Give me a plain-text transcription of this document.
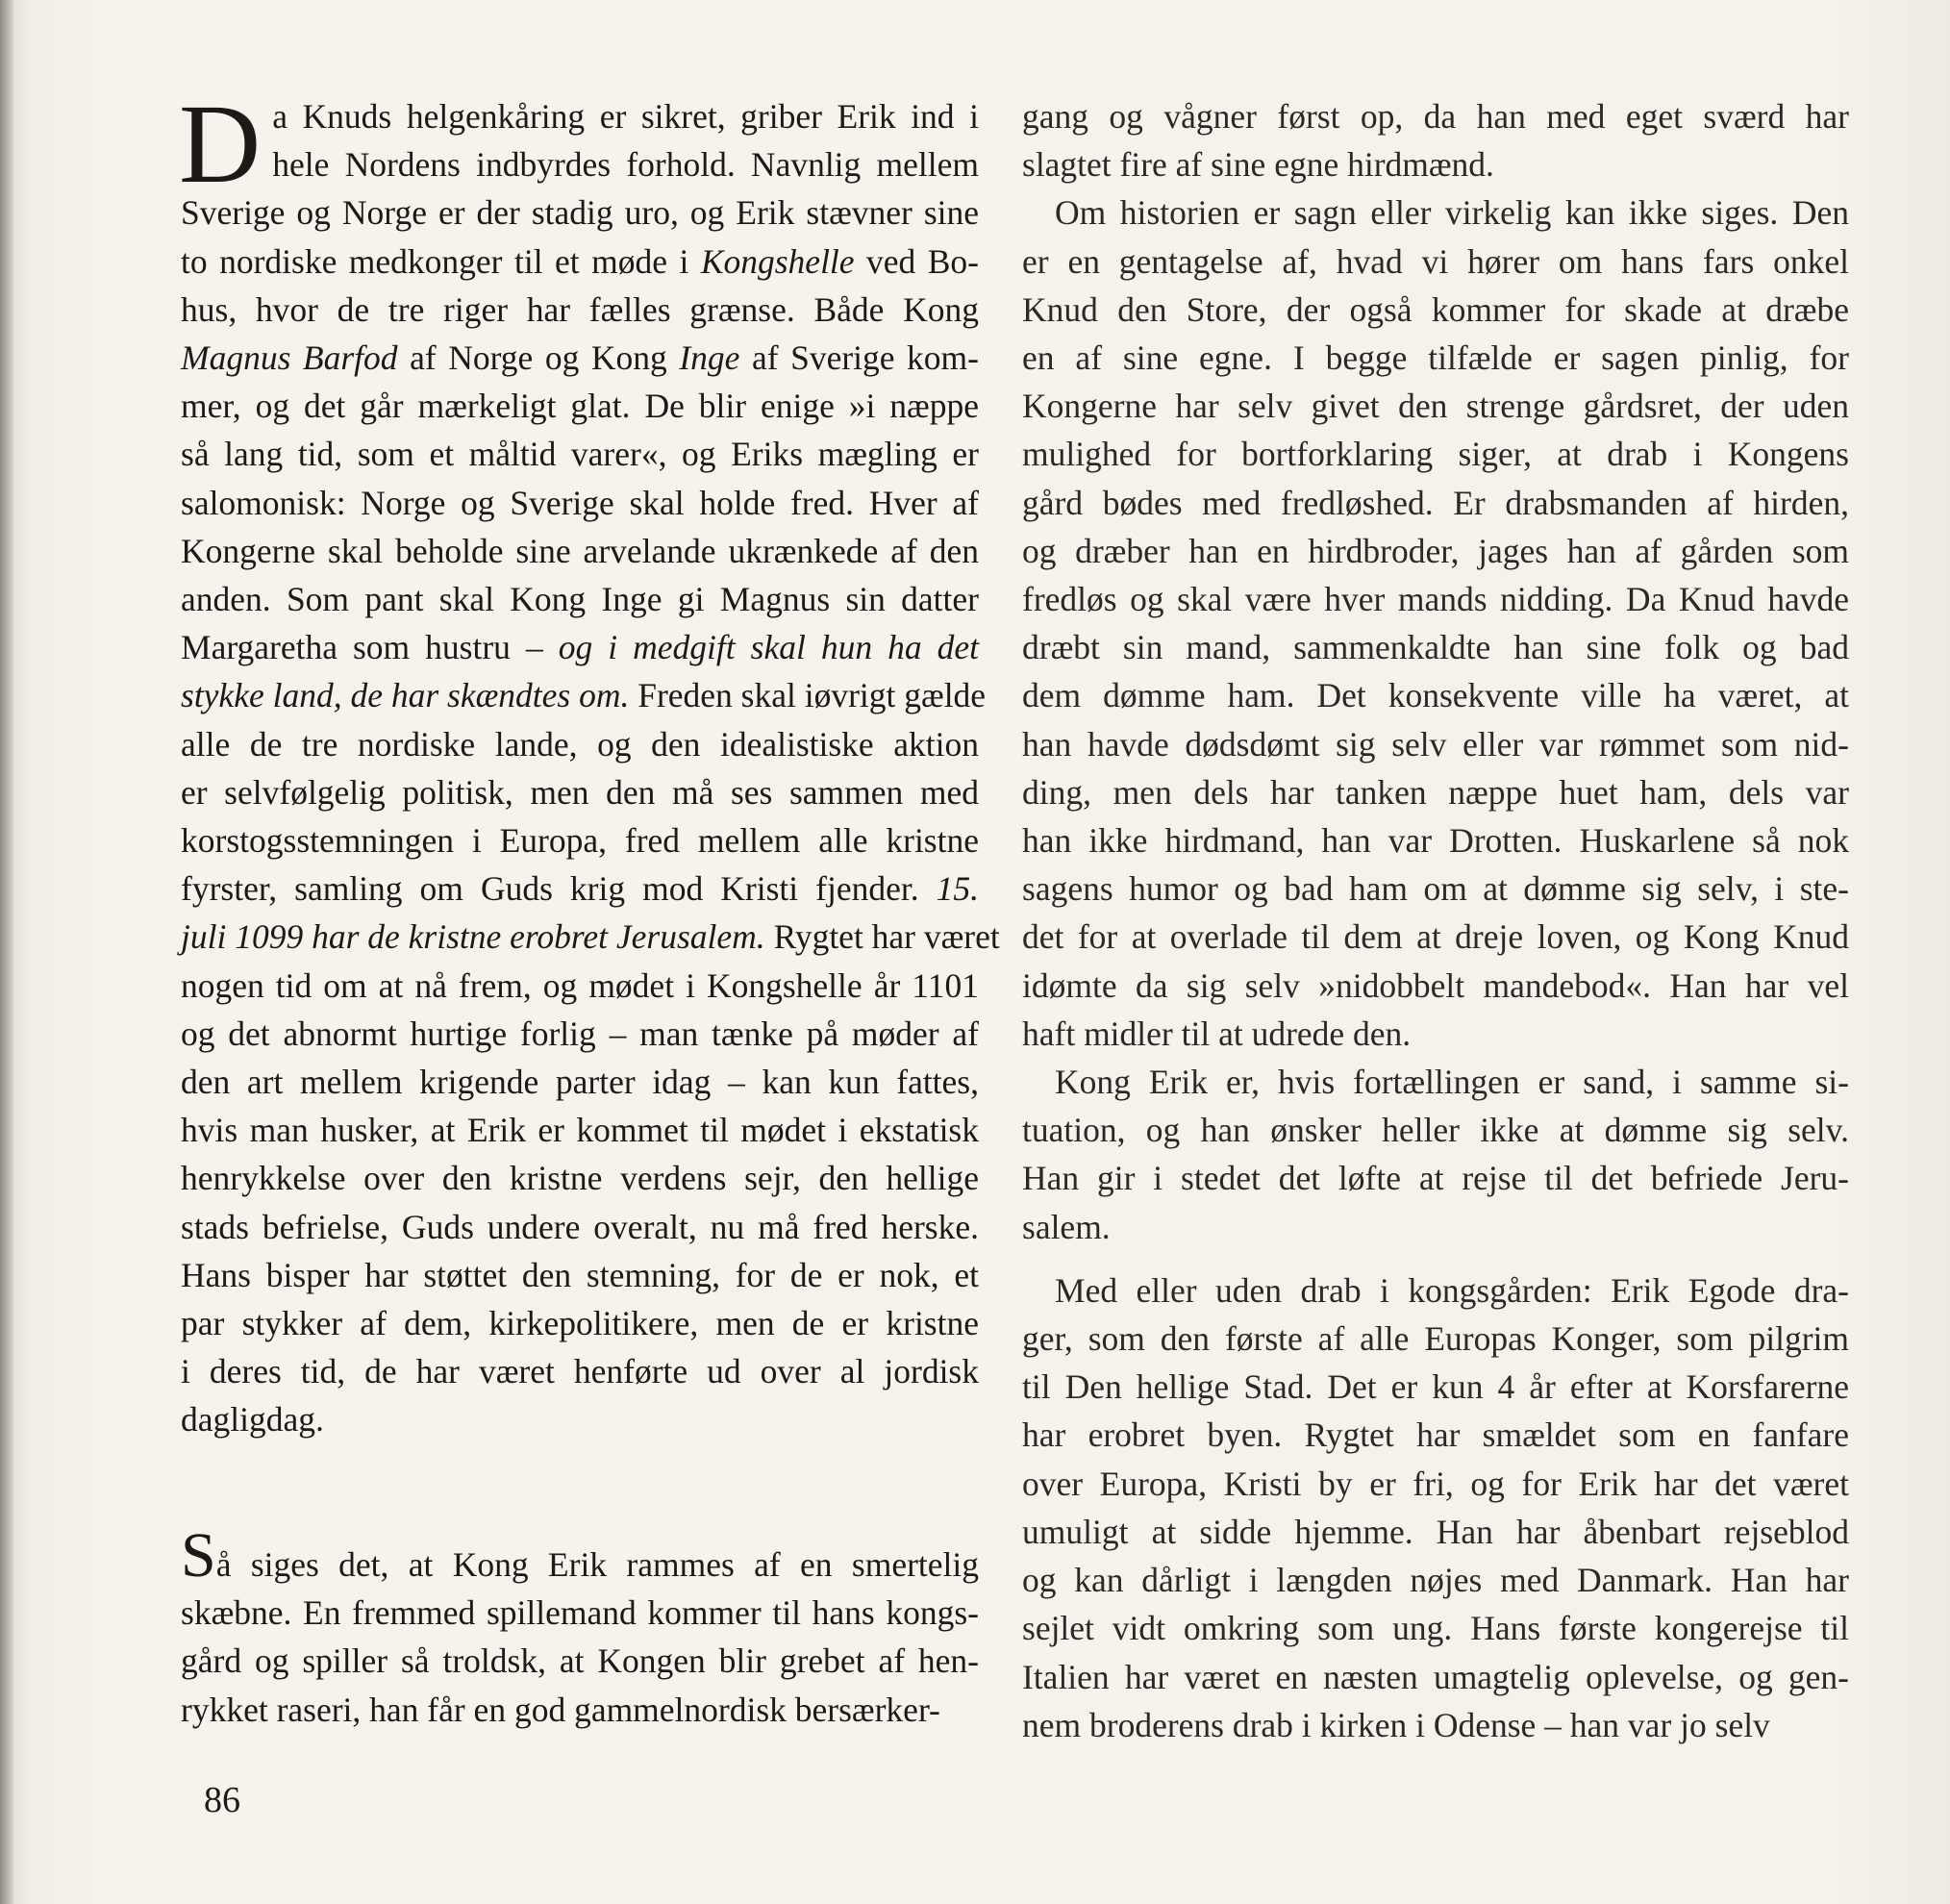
D a Knuds helgenkåring er sikret, griber Erik ind i
hele Nordens indbyrdes forhold. Navnlig mellem
Sverige og Norge er der stadig uro, og Erik stævner sine
to nordiske medkonger til et møde i Kongshelle ved Bo-
hus, hvor de tre riger har fælles grænse. Både Kong
Magnus Barfod af Norge og Kong Inge af Sverige kom-
mer, og det går mærkeligt glat. De blir enige »i næppe
så lang tid, som et måltid varer«, og Eriks mægling er
salomonisk: Norge og Sverige skal holde fred. Hver af
Kongerne skal beholde sine arvelande ukrænkede af den
anden. Som pant skal Kong Inge gi Magnus sin datter
Margaretha som hustru – og i medgift skal hun ha det
stykke land, de har skændtes om. Freden skal iøvrigt gælde
alle de tre nordiske lande, og den idealistiske aktion
er selvfølgelig politisk, men den må ses sammen med
korstogsstemningen i Europa, fred mellem alle kristne
fyrster, samling om Guds krig mod Kristi fjender. 15.
juli 1099 har de kristne erobret Jerusalem. Rygtet har været
nogen tid om at nå frem, og mødet i Kongshelle år 1101
og det abnormt hurtige forlig – man tænke på møder af
den art mellem krigende parter idag – kan kun fattes,
hvis man husker, at Erik er kommet til mødet i ekstatisk
henrykkelse over den kristne verdens sejr, den hellige
stads befrielse, Guds undere overalt, nu må fred herske.
Hans bisper har støttet den stemning, for de er nok, et
par stykker af dem, kirkepolitikere, men de er kristne
i deres tid, de har været henførte ud over al jordisk
dagligdag.

Så siges det, at Kong Erik rammes af en smertelig
skæbne. En fremmed spillemand kommer til hans kongs-
gård og spiller så troldsk, at Kongen blir grebet af hen-
rykket raseri, han får en god gammelnordisk bersærker-

gang og vågner først op, da han med eget sværd har
slagtet fire af sine egne hirdmænd.

Om historien er sagn eller virkelig kan ikke siges. Den
er en gentagelse af, hvad vi hører om hans fars onkel
Knud den Store, der også kommer for skade at dræbe
en af sine egne. I begge tilfælde er sagen pinlig, for
Kongerne har selv givet den strenge gårdsret, der uden
mulighed for bortforklaring siger, at drab i Kongens
gård bødes med fredløshed. Er drabsmanden af hirden,
og dræber han en hirdbroder, jages han af gården som
fredløs og skal være hver mands nidding. Da Knud havde
dræbt sin mand, sammenkaldte han sine folk og bad
dem dømme ham. Det konsekvente ville ha været, at
han havde dødsdømt sig selv eller var rømmet som nid-
ding, men dels har tanken næppe huet ham, dels var
han ikke hirdmand, han var Drotten. Huskarlene så nok
sagens humor og bad ham om at dømme sig selv, i ste-
det for at overlade til dem at dreje loven, og Kong Knud
idømte da sig selv »nidobbelt mandebod«. Han har vel
haft midler til at udrede den.

Kong Erik er, hvis fortællingen er sand, i samme si-
tuation, og han ønsker heller ikke at dømme sig selv.
Han gir i stedet det løfte at rejse til det befriede Jeru-
salem.

Med eller uden drab i kongsgården: Erik Egode dra-
ger, som den første af alle Europas Konger, som pilgrim
til Den hellige Stad. Det er kun 4 år efter at Korsfarerne
har erobret byen. Rygtet har smældet som en fanfare
over Europa, Kristi by er fri, og for Erik har det været
umuligt at sidde hjemme. Han har åbenbart rejseblod
og kan dårligt i længden nøjes med Danmark. Han har
sejlet vidt omkring som ung. Hans første kongerejse til
Italien har været en næsten umagtelig oplevelse, og gen-
nem broderens drab i kirken i Odense – han var jo selv

86
